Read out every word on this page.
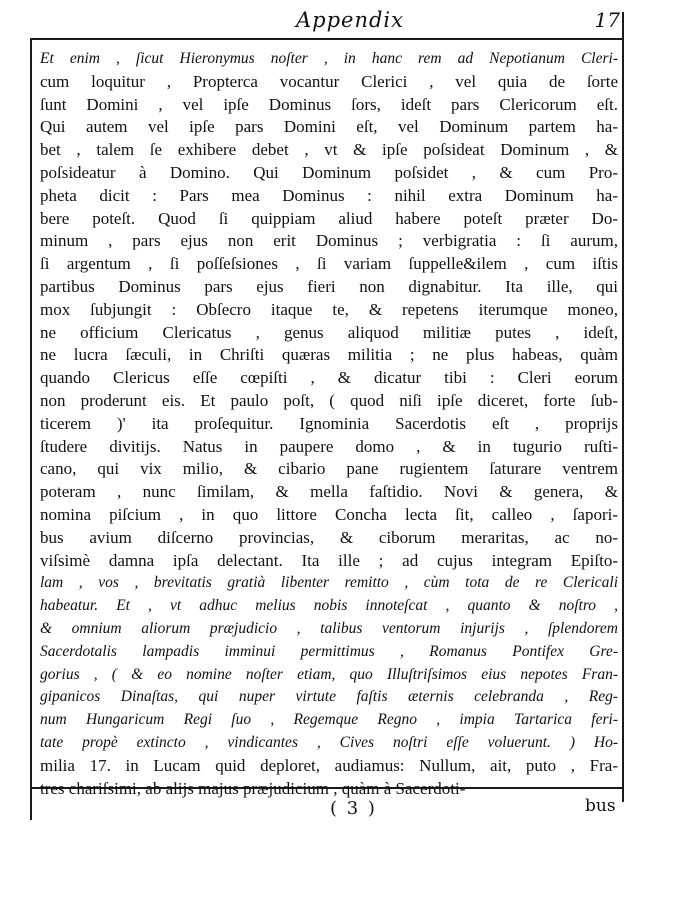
Appendix	17
Et enim , ſicut Hieronymus noſter , in hanc rem ad Nepotianum Cleri-
cum loquitur , Propterca vocantur Clerici , vel quia de ſorte
ſunt Domini , vel ipſe Dominus ſors, ideſt pars Clericorum eſt.
Qui autem vel ipſe pars Domini eſt, vel Dominum partem ha-
bet , talem ſe exhibere debet , vt & ipſe poſsideat Dominum , &
poſsideatur à Domino. Qui Dominum poſsidet , & cum Pro-
pheta dicit : Pars mea Dominus : nihil extra Dominum ha-
bere poteſt. Quod ſi quippiam aliud habere poteſt præter Do-
minum , pars ejus non erit Dominus ; verbigratia : ſi aurum,
ſi argentum , ſi poſſeſsiones , ſi variam ſuppelle&ilem , cum iſtis
partibus Dominus pars ejus fieri non dignabitur. Ita ille, qui
mox ſubjungit : Obſecro itaque te, & repetens iterumque moneo,
ne officium Clericatus , genus aliquod militiæ putes , ideſt,
ne lucra ſæculi, in Chriſti quæras militia ; ne plus habeas, quàm
quando Clericus eſſe cœpiſti , & dicatur tibi : Cleri eorum
non proderunt eis. Et paulo poſt, ( quod niſi ipſe diceret, forte ſub-
ticerem )' ita proſequitur. Ignominia Sacerdotis eſt , proprijs
ſtudere divitijs. Natus in paupere domo , & in tugurio ruſti-
cano, qui vix milio, & cibario pane rugientem ſaturare ventrem
poteram , nunc ſimilam, & mella faſtidio. Novi & genera, &
nomina piſcium , in quo littore Concha lecta ſit, calleo , ſapori-
bus avium diſcerno provincias, & ciborum meraritas, ac no-
viſsimè damna ipſa delectant. Ita ille ; ad cujus integram Epiſto-
lam , vos , brevitatis gratià libenter remitto , cùm tota de re Clericali
habeatur. Et , vt adhuc melius nobis innoteſcat , quanto & noſtro ,
& omnium aliorum præjudicio , talibus ventorum injurijs , ſplendorem
Sacerdotalis lampadis imminui permittimus , Romanus Pontifex Gre-
gorius , ( & eo nomine noſter etiam, quo Illuſtriſsimos eius nepotes Fran-
gipanicos Dinaſtas, qui nuper virtute faſtis æternis celebranda , Reg-
num Hungaricum Regi ſuo , Regemque Regno , impia Tartarica feri-
tate propè extincto , vindicantes , Cives noſtri eſſe voluerunt. ) Ho-
milia 17. in Lucam quid deploret, audiamus: Nullum, ait, puto , Fra-
tres chariſsimi, ab alijs majus præjudicium , quàm à Sacerdoti-
( 3 )	bus
